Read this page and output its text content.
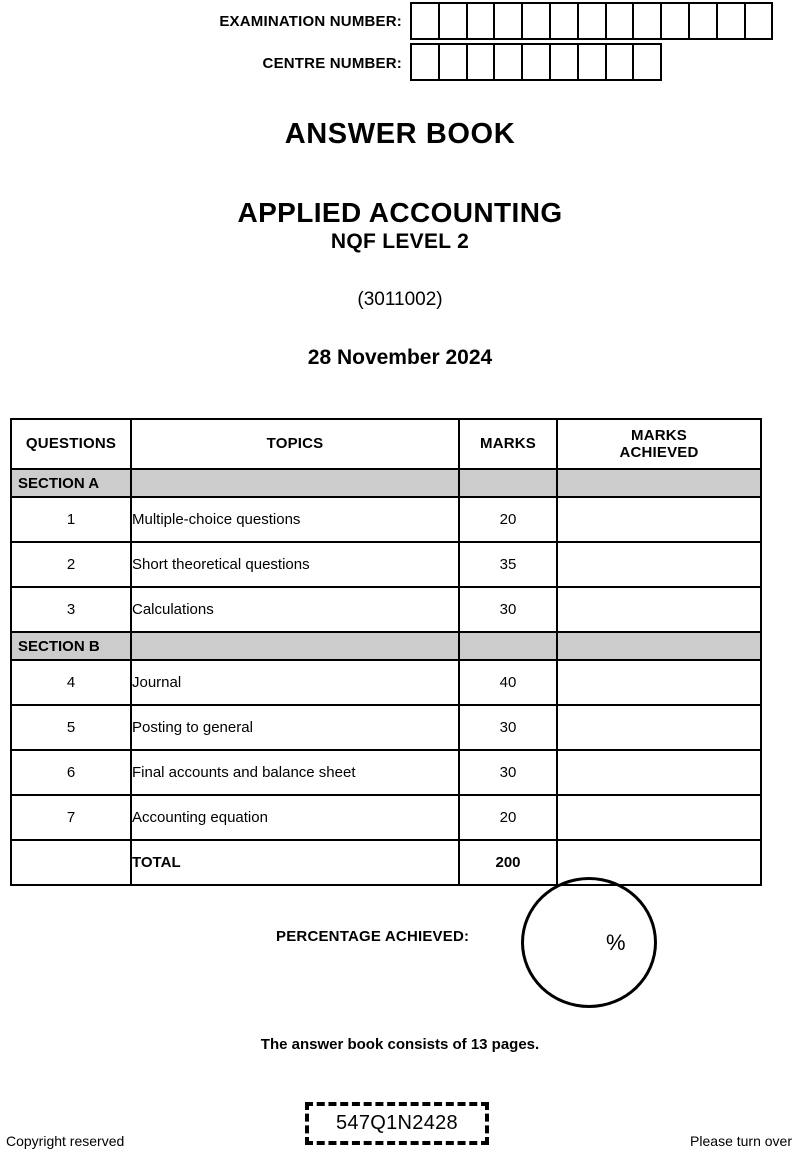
EXAMINATION NUMBER:
CENTRE NUMBER:
ANSWER BOOK
APPLIED ACCOUNTING
NQF LEVEL 2
(3011002)
28 November 2024
QUESTIONS	TOPICS	MARKS	MARKS
ACHIEVED
SECTION A			
1	Multiple-choice questions	20	
2	Short theoretical questions	35	
3	Calculations	30	
SECTION B			
4	Journal	40	
5	Posting to general	30	
6	Final accounts and balance sheet	30	
7	Accounting equation	20	
	TOTAL	200	
PERCENTAGE ACHIEVED:	%
The answer book consists of 13 pages.
547Q1N2428
Copyright reserved	Please turn over
